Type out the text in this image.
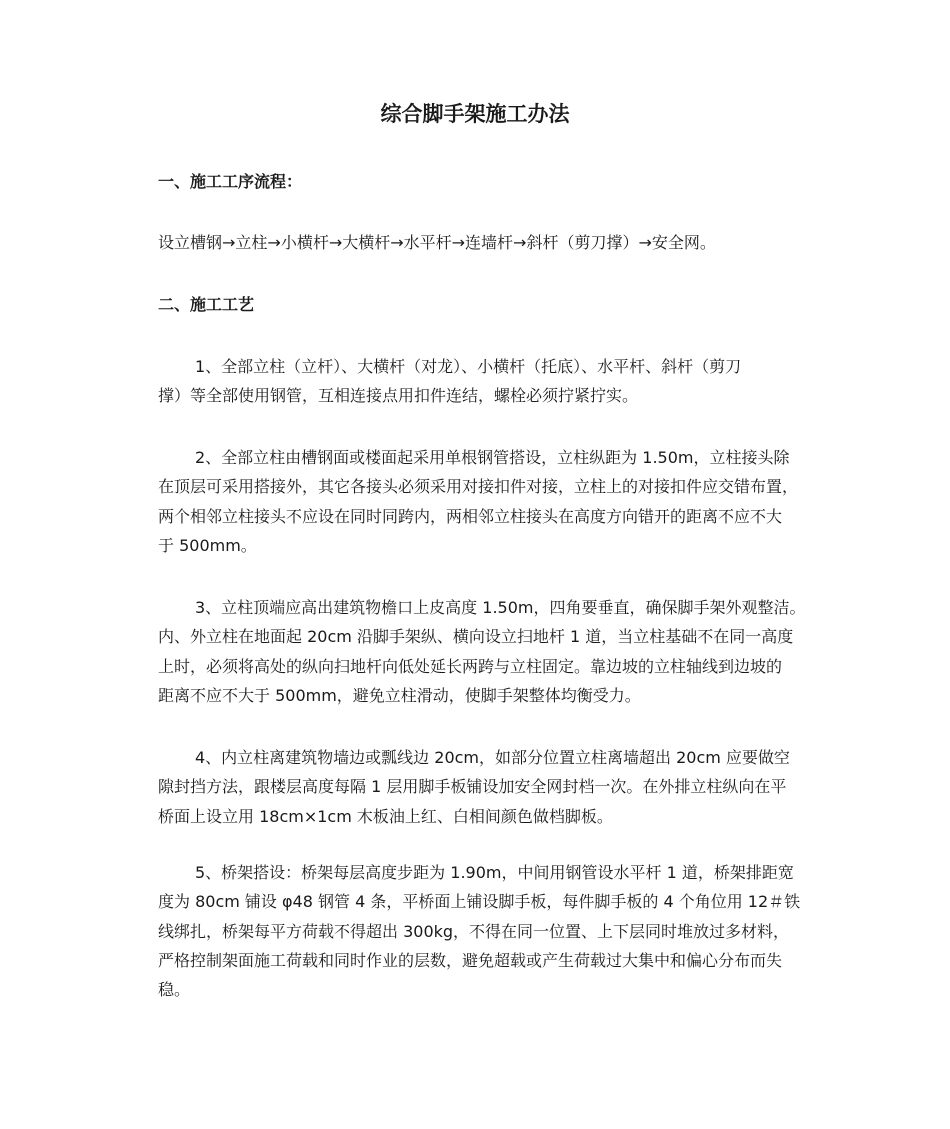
综合脚手架施工办法
一、施工工序流程：
设立槽钢→立柱→小横杆→大横杆→水平杆→连墙杆→斜杆（剪刀撑）→安全网。
二、施工工艺
1、全部立柱（立杆）、大横杆（对龙）、小横杆（托底）、水平杆、斜杆（剪刀
撑）等全部使用钢管，互相连接点用扣件连结，螺栓必须拧紧拧实。
2、全部立柱由槽钢面或楼面起采用单根钢管搭设，立柱纵距为 1.50m，立柱接头除
在顶层可采用搭接外，其它各接头必须采用对接扣件对接，立柱上的对接扣件应交错布置，
两个相邻立柱接头不应设在同时同跨内，两相邻立柱接头在高度方向错开的距离不应不大
于 500mm。
3、立柱顶端应高出建筑物檐口上皮高度 1.50m，四角要垂直，确保脚手架外观整洁。
内、外立柱在地面起 20cm 沿脚手架纵、横向设立扫地杆 1 道，当立柱基础不在同一高度
上时，必须将高处的纵向扫地杆向低处延长两跨与立柱固定。靠边坡的立柱轴线到边坡的
距离不应不大于 500mm，避免立柱滑动，使脚手架整体均衡受力。
4、内立柱离建筑物墙边或瓢线边 20cm，如部分位置立柱离墙超出 20cm 应要做空
隙封挡方法，跟楼层高度每隔 1 层用脚手板铺设加安全网封档一次。在外排立柱纵向在平
桥面上设立用 18cm×1cm 木板油上红、白相间颜色做档脚板。
5、桥架搭设：桥架每层高度步距为 1.90m，中间用钢管设水平杆 1 道，桥架排距宽
度为 80cm 铺设 φ48 钢管 4 条，平桥面上铺设脚手板，每件脚手板的 4 个角位用 12＃铁
线绑扎，桥架每平方荷载不得超出 300kg，不得在同一位置、上下层同时堆放过多材料，
严格控制架面施工荷载和同时作业的层数，避免超载或产生荷载过大集中和偏心分布而失
稳。
